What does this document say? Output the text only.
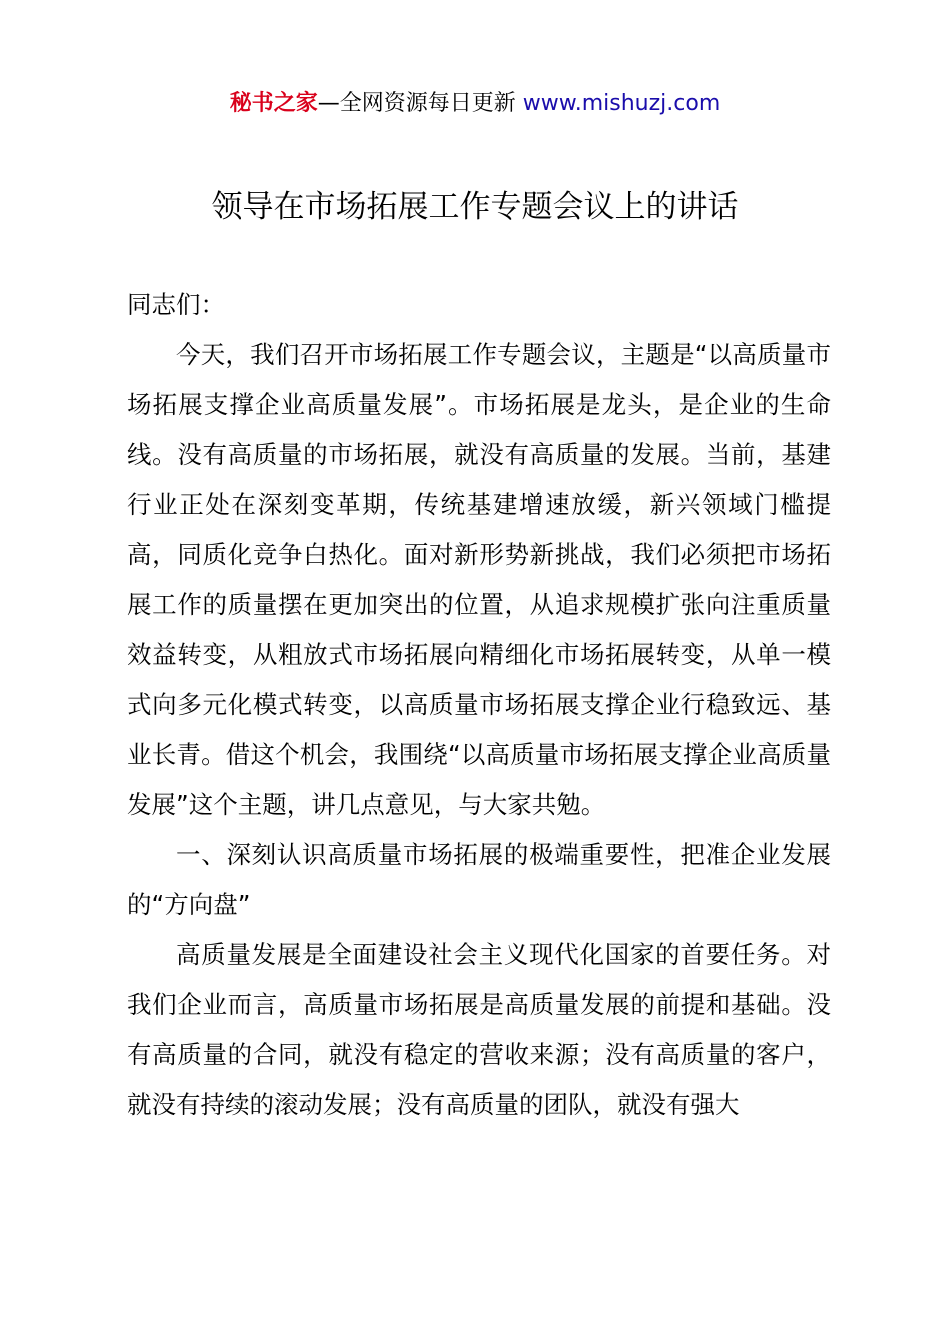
秘书之家—全网资源每日更新 www.mishuzj.com
领导在市场拓展工作专题会议上的讲话

同志们：

今天，我们召开市场拓展工作专题会议，主题是“以高质量市场拓展支撑企业高质量发展”。市场拓展是龙头，是企业的生命线。没有高质量的市场拓展，就没有高质量的发展。当前，基建行业正处在深刻变革期，传统基建增速放缓，新兴领域门槛提高，同质化竞争白热化。面对新形势新挑战，我们必须把市场拓展工作的质量摆在更加突出的位置，从追求规模扩张向注重质量效益转变，从粗放式市场拓展向精细化市场拓展转变，从单一模式向多元化模式转变，以高质量市场拓展支撑企业行稳致远、基业长青。借这个机会，我围绕“以高质量市场拓展支撑企业高质量发展”这个主题，讲几点意见，与大家共勉。

一、深刻认识高质量市场拓展的极端重要性，把准企业发展的“方向盘”

高质量发展是全面建设社会主义现代化国家的首要任务。对我们企业而言，高质量市场拓展是高质量发展的前提和基础。没有高质量的合同，就没有稳定的营收来源；没有高质量的客户，就没有持续的滚动发展；没有高质量的团队，就没有强大
